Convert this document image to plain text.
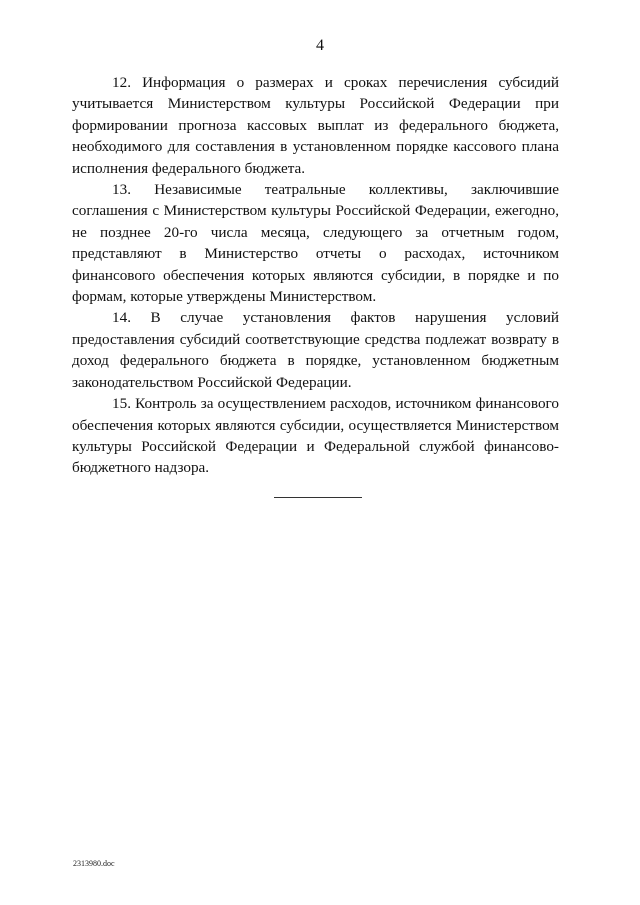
4

12. Информация о размерах и сроках перечисления субсидий учитывается Министерством культуры Российской Федерации при формировании прогноза кассовых выплат из федерального бюджета, необходимого для составления в установленном порядке кассового плана исполнения федерального бюджета.

13. Независимые театральные коллективы, заключившие соглашения с Министерством культуры Российской Федерации, ежегодно, не позднее 20-го числа месяца, следующего за отчетным годом, представляют в Министерство отчеты о расходах, источником финансового обеспечения которых являются субсидии, в порядке и по формам, которые утверждены Министерством.

14. В случае установления фактов нарушения условий предоставления субсидий соответствующие средства подлежат возврату в доход федерального бюджета в порядке, установленном бюджетным законодательством Российской Федерации.

15. Контроль за осуществлением расходов, источником финансового обеспечения которых являются субсидии, осуществляется Министерством культуры Российской Федерации и Федеральной службой финансово-бюджетного надзора.

2313980.doc
